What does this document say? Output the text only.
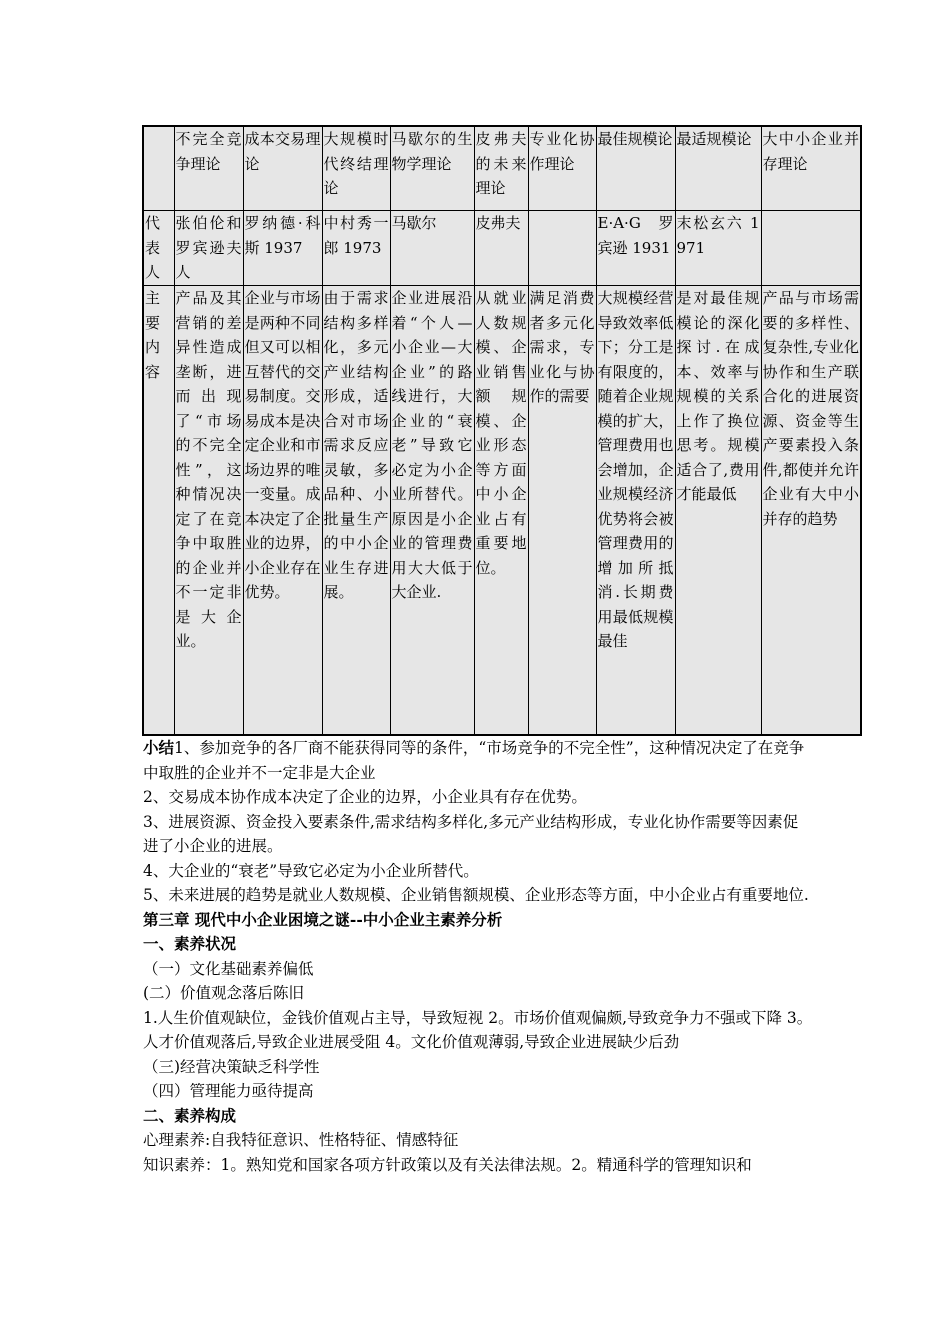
	不完全竞争理论	成本交易理论	大规模时代终结理论	马歇尔的生物学理论	皮弗夫的未来理论	专业化协作理论	最佳规模论	最适规模论	大中小企业并存理论
代表人	张伯伦和罗宾逊夫人	罗纳德·科斯 1937	中村秀一郎 1973	马歇尔	皮弗夫		E·A·G 罗宾逊 1931	末松玄六 1971	
主要内容	产品及其营销的差异性造成垄断，进而出现了“市场的不完全性”，这种情况决定了在竞争中取胜的企业并不一定非是大企业。	企业与市场是两种不同但又可以相互替代的交易制度。交易成本是决定企业和市场边界的唯一变量。成本决定了企业的边界，小企业存在优势。	由于需求结构多样化，多元产业结构形成，适合对市场需求反应灵敏，多品种、小批量生产的中小企业生存进展。	企业进展沿着“个人—小企业—大企业”的路线进行，大企业的“衰老”导致它必定为小企业所替代。原因是小企业的管理费用大大低于大企业.	从就业人数规模、企业销售额规模、企业形态等方面中小企业占有重要地位。	满足消费者多元化需求，专业化与协作的需要	大规模经营导致效率低下；分工是有限度的，随着企业规模的扩大，管理费用也会增加，企业规模经济优势将会被管理费用的增加所抵消.长期费用最低规模最佳	是对最佳规模论的深化探讨.在成本、效率与规模的关系上作了换位思考。规模适合了,费用才能最低	产品与市场需要的多样性、复杂性,专业化协作和生产联合化的进展资源、资金等生产要素投入条件,都使并允许企业有大中小并存的趋势
小结1、参加竞争的各厂商不能获得同等的条件，“市场竞争的不完全性”，这种情况决定了在竞争中取胜的企业并不一定非是大企业
2、交易成本协作成本决定了企业的边界，小企业具有存在优势。
3、进展资源、资金投入要素条件,需求结构多样化,多元产业结构形成，专业化协作需要等因素促进了小企业的进展。
4、大企业的“衰老”导致它必定为小企业所替代。
5、未来进展的趋势是就业人数规模、企业销售额规模、企业形态等方面，中小企业占有重要地位.
第三章 现代中小企业困境之谜--中小企业主素养分析
一、素养状况
（一）文化基础素养偏低
(二）价值观念落后陈旧
1.人生价值观缺位，金钱价值观占主导，导致短视 2。市场价值观偏颇,导致竞争力不强或下降 3。人才价值观落后,导致企业进展受阻 4。文化价值观薄弱,导致企业进展缺少后劲
（三)经营决策缺乏科学性
（四）管理能力亟待提高
二、素养构成
心理素养:自我特征意识、性格特征、情感特征
知识素养：1。熟知党和国家各项方针政策以及有关法律法规。2。精通科学的管理知识和
